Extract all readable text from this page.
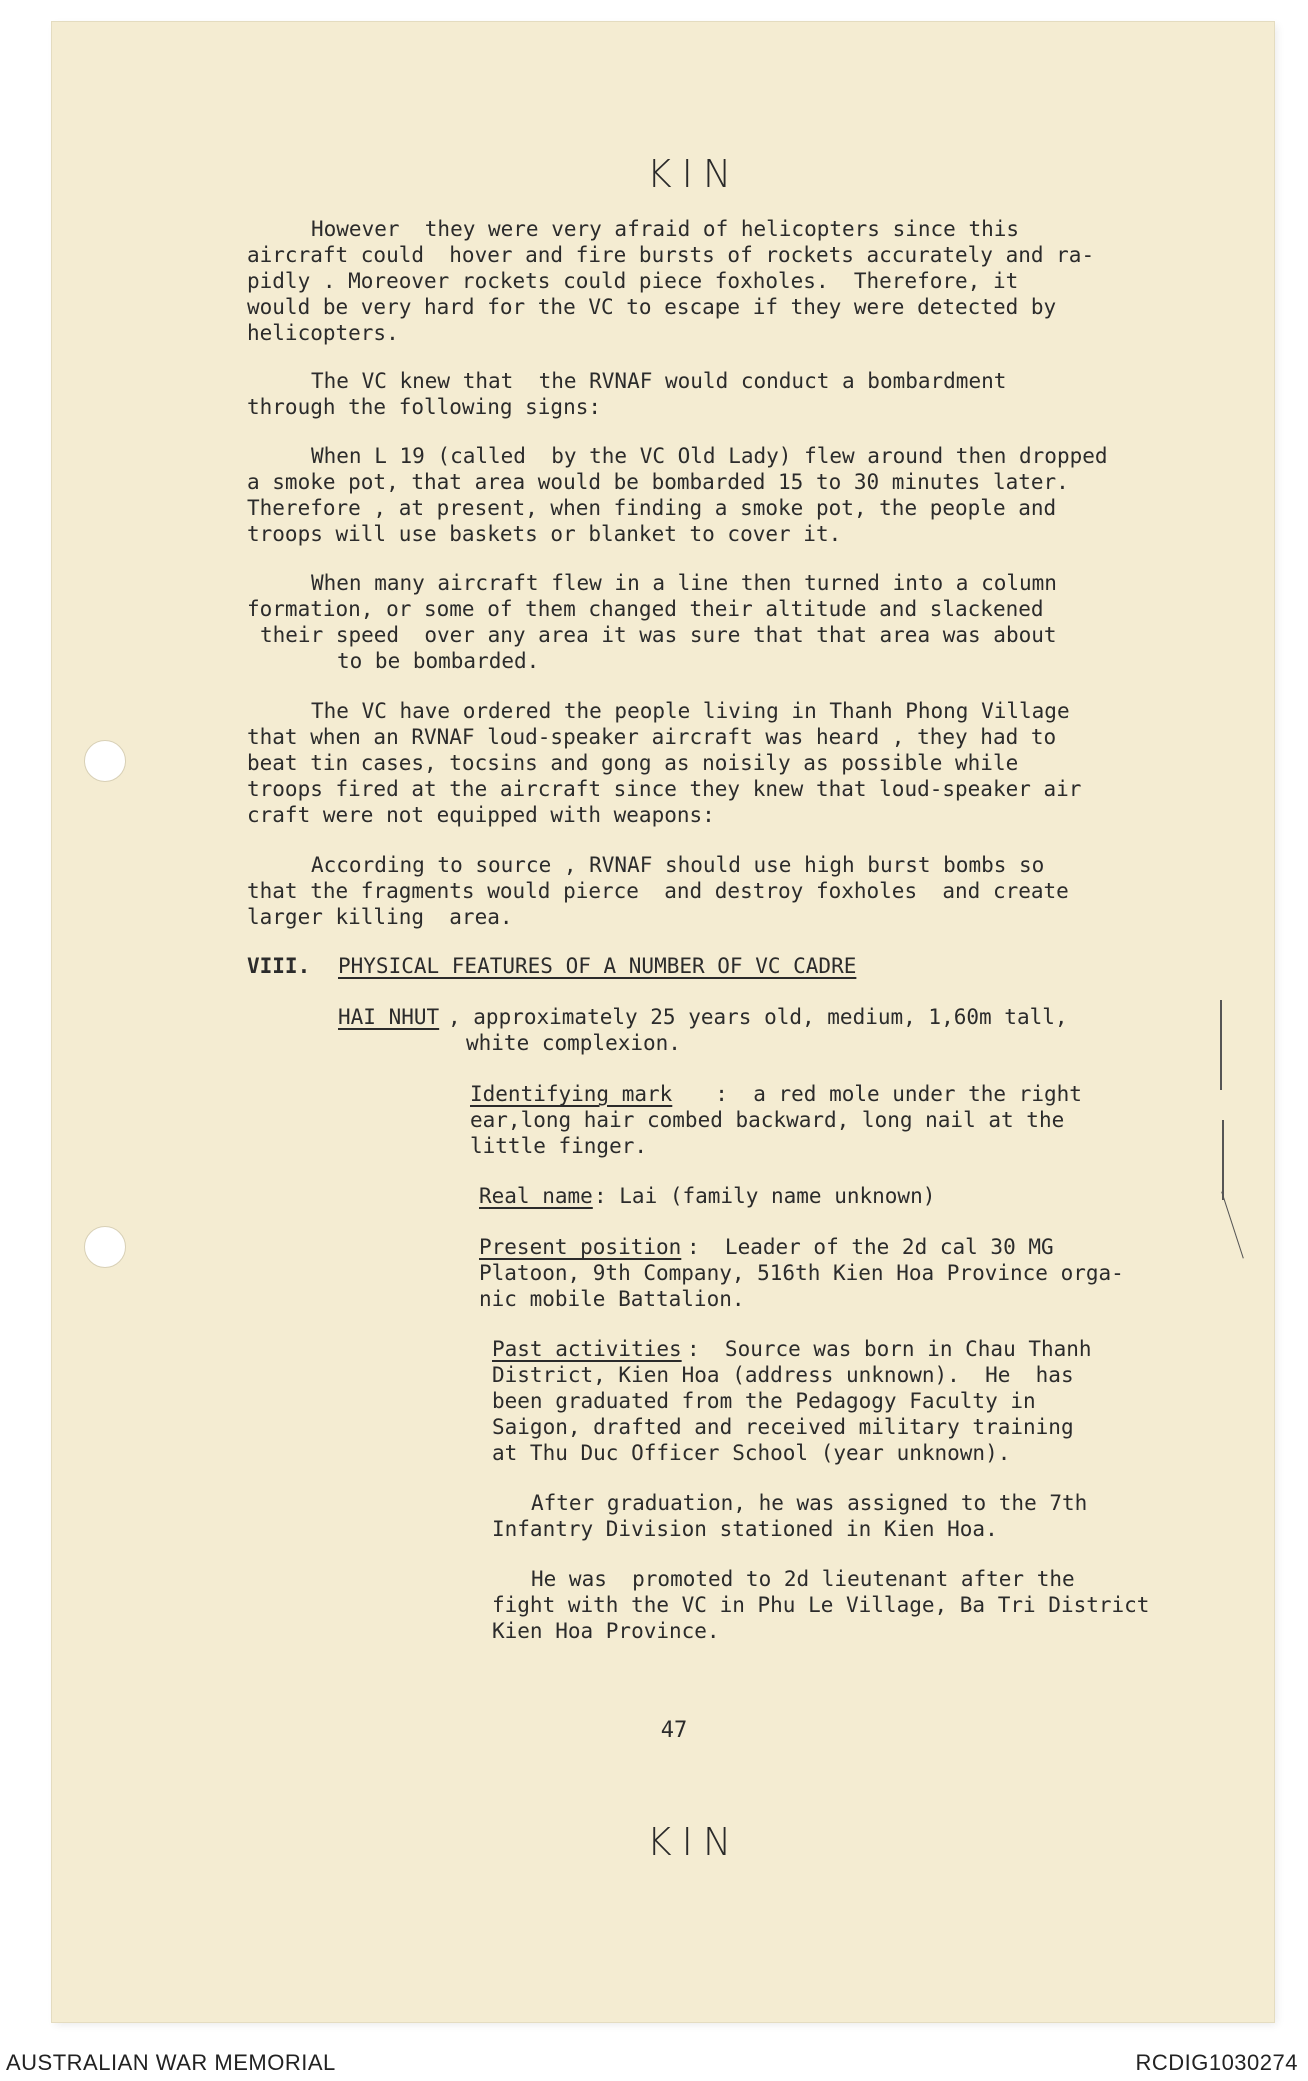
KIN
However  they were very afraid of helicopters since this
aircraft could  hover and fire bursts of rockets accurately and ra-
pidly . Moreover rockets could piece foxholes.  Therefore, it
would be very hard for the VC to escape if they were detected by
helicopters.
The VC knew that  the RVNAF would conduct a bombardment
through the following signs:
When L 19 (called  by the VC Old Lady) flew around then dropped
a smoke pot, that area would be bombarded 15 to 30 minutes later.
Therefore , at present, when finding a smoke pot, the people and
troops will use baskets or blanket to cover it.
When many aircraft flew in a line then turned into a column
formation, or some of them changed their altitude and slackened
their speed  over any area it was sure that that area was about
to be bombarded.
The VC have ordered the people living in Thanh Phong Village
that when an RVNAF loud-speaker aircraft was heard , they had to
beat tin cases, tocsins and gong as noisily as possible while
troops fired at the aircraft since they knew that loud-speaker air
craft were not equipped with weapons:
According to source , RVNAF should use high burst bombs so
that the fragments would pierce  and destroy foxholes  and create
larger killing  area.
VIII. PHYSICAL FEATURES OF A NUMBER OF VC CADRE
HAI NHUT , approximately 25 years old, medium, 1,60m tall,
white complexion.
Identifying mark :  a red mole under the right
ear,long hair combed backward, long nail at the
little finger.
Real name : Lai (family name unknown)
Present position :  Leader of the 2d cal 30 MG
Platoon, 9th Company, 516th Kien Hoa Province orga-
nic mobile Battalion.
Past activities :  Source was born in Chau Thanh
District, Kien Hoa (address unknown).  He  has
been graduated from the Pedagogy Faculty in
Saigon, drafted and received military training
at Thu Duc Officer School (year unknown).
After graduation, he was assigned to the 7th
Infantry Division stationed in Kien Hoa.
He was  promoted to 2d lieutenant after the
fight with the VC in Phu Le Village, Ba Tri District
Kien Hoa Province.
47
KIN
AUSTRALIAN WAR MEMORIAL	RCDIG1030274
